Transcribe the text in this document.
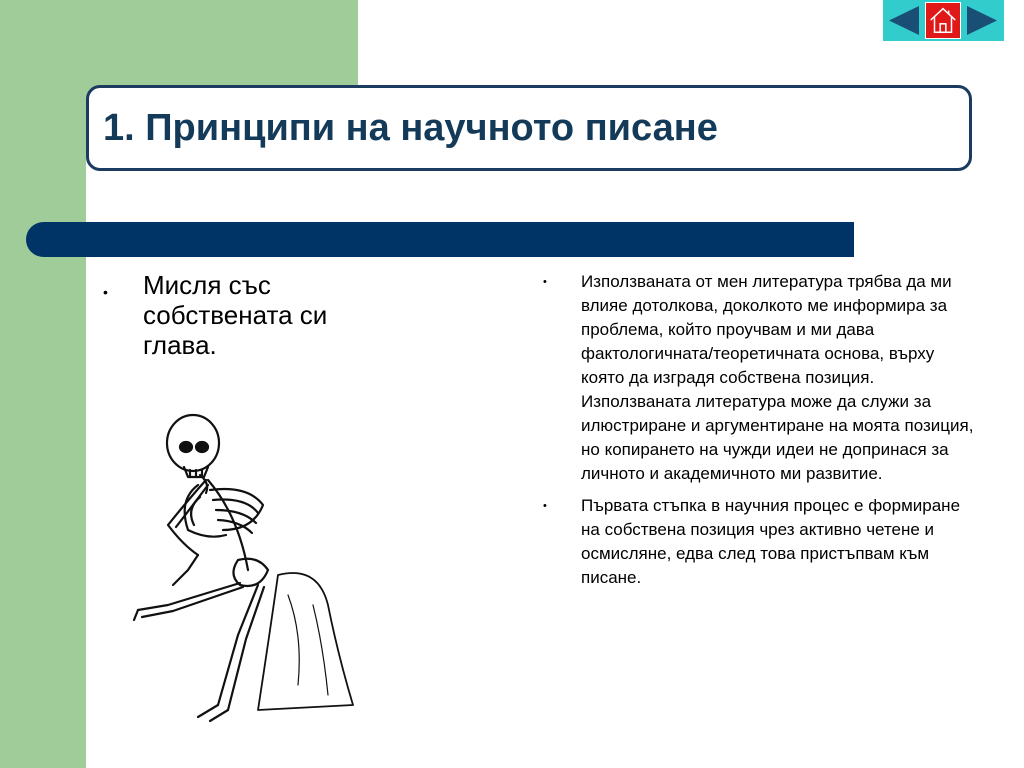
1. Принципи на научното писане
• Мисля със собствената си глава.
• Използваната от мен литература трябва да ми влияе дотолкова, доколкото ме информира за проблема, който проучвам и ми дава фактологичната/теоретичната основа, върху която да изградя собствена позиция. Използваната литература може да служи за илюстриране и аргументиране на моята позиция, но копирането на чужди идеи не допринася за личното и академичното ми развитие.
• Първата стъпка в научния процес е формиране на собствена позиция чрез активно четене и осмисляне, едва след това пристъпвам към писане.
